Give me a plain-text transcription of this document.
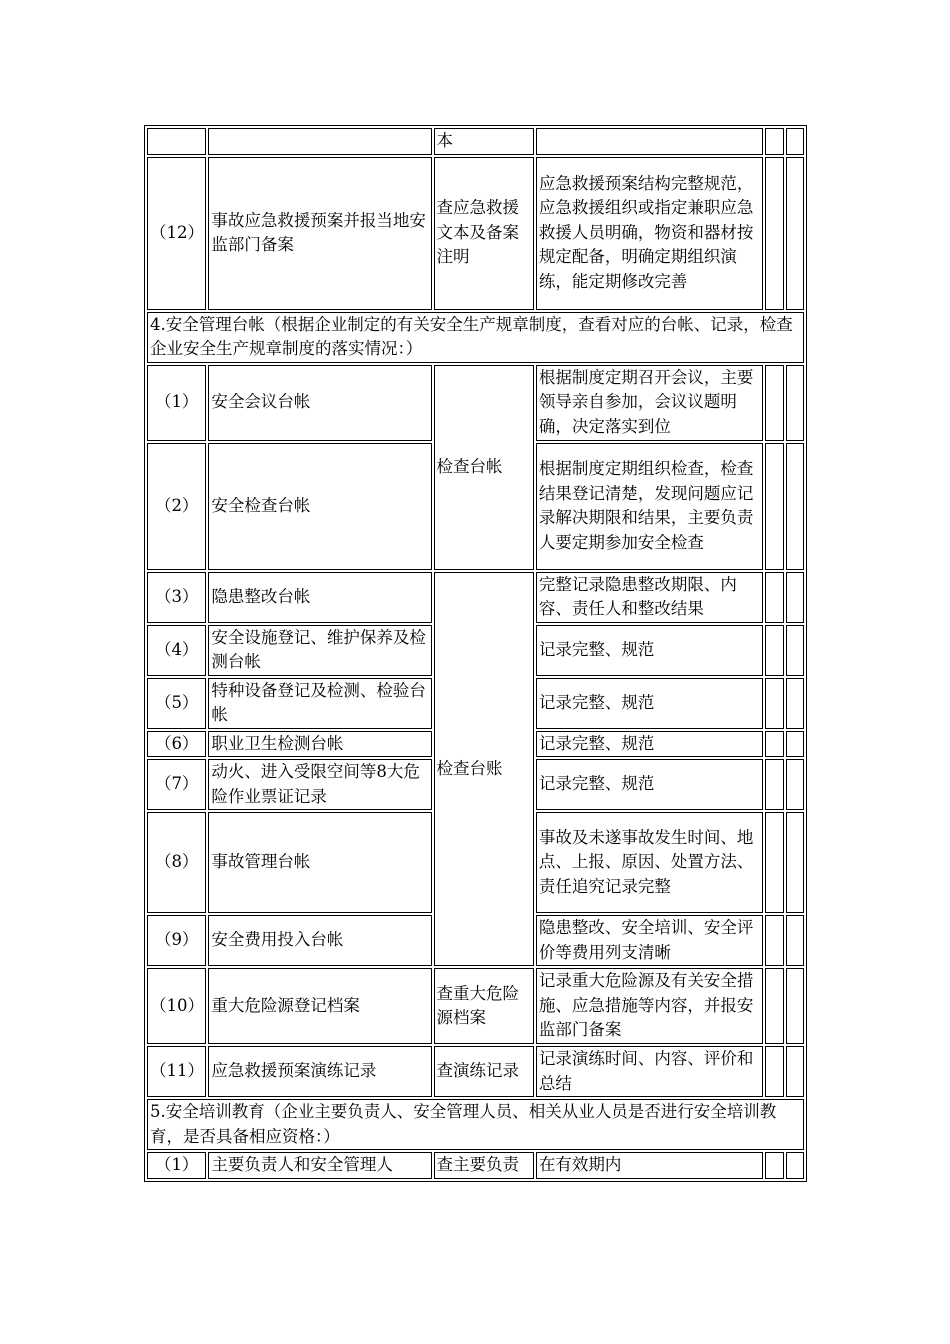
		本			
（12）	事故应急救援预案并报当地安监部门备案	查应急救援文本及备案注明	应急救援预案结构完整规范，应急救援组织或指定兼职应急救援人员明确，物资和器材按规定配备，明确定期组织演练，能定期修改完善		
4.安全管理台帐（根据企业制定的有关安全生产规章制度，查看对应的台帐、记录，检查企业安全生产规章制度的落实情况：）					
（1）	安全会议台帐	检查台帐	根据制度定期召开会议，主要领导亲自参加，会议议题明确，决定落实到位		
（2）	安全检查台帐		根据制度定期组织检查，检查结果登记清楚，发现问题应记录解决期限和结果，主要负责人要定期参加安全检查		
（3）	隐患整改台帐	检查台账	完整记录隐患整改期限、内容、责任人和整改结果		
（4）	安全设施登记、维护保养及检测台帐		记录完整、规范		
（5）	特种设备登记及检测、检验台帐		记录完整、规范		
（6）	职业卫生检测台帐		记录完整、规范		
（7）	动火、进入受限空间等8大危险作业票证记录		记录完整、规范		
（8）	事故管理台帐		事故及未遂事故发生时间、地点、上报、原因、处置方法、责任追究记录完整		
（9）	安全费用投入台帐		隐患整改、安全培训、安全评价等费用列支清晰		
（10）	重大危险源登记档案	查重大危险源档案	记录重大危险源及有关安全措施、应急措施等内容，并报安监部门备案		
（11）	应急救援预案演练记录	查演练记录	记录演练时间、内容、评价和总结		
5.安全培训教育（企业主要负责人、安全管理人员、相关从业人员是否进行安全培训教育，是否具备相应资格：）					
（1）	主要负责人和安全管理人	查主要负责	在有效期内		
